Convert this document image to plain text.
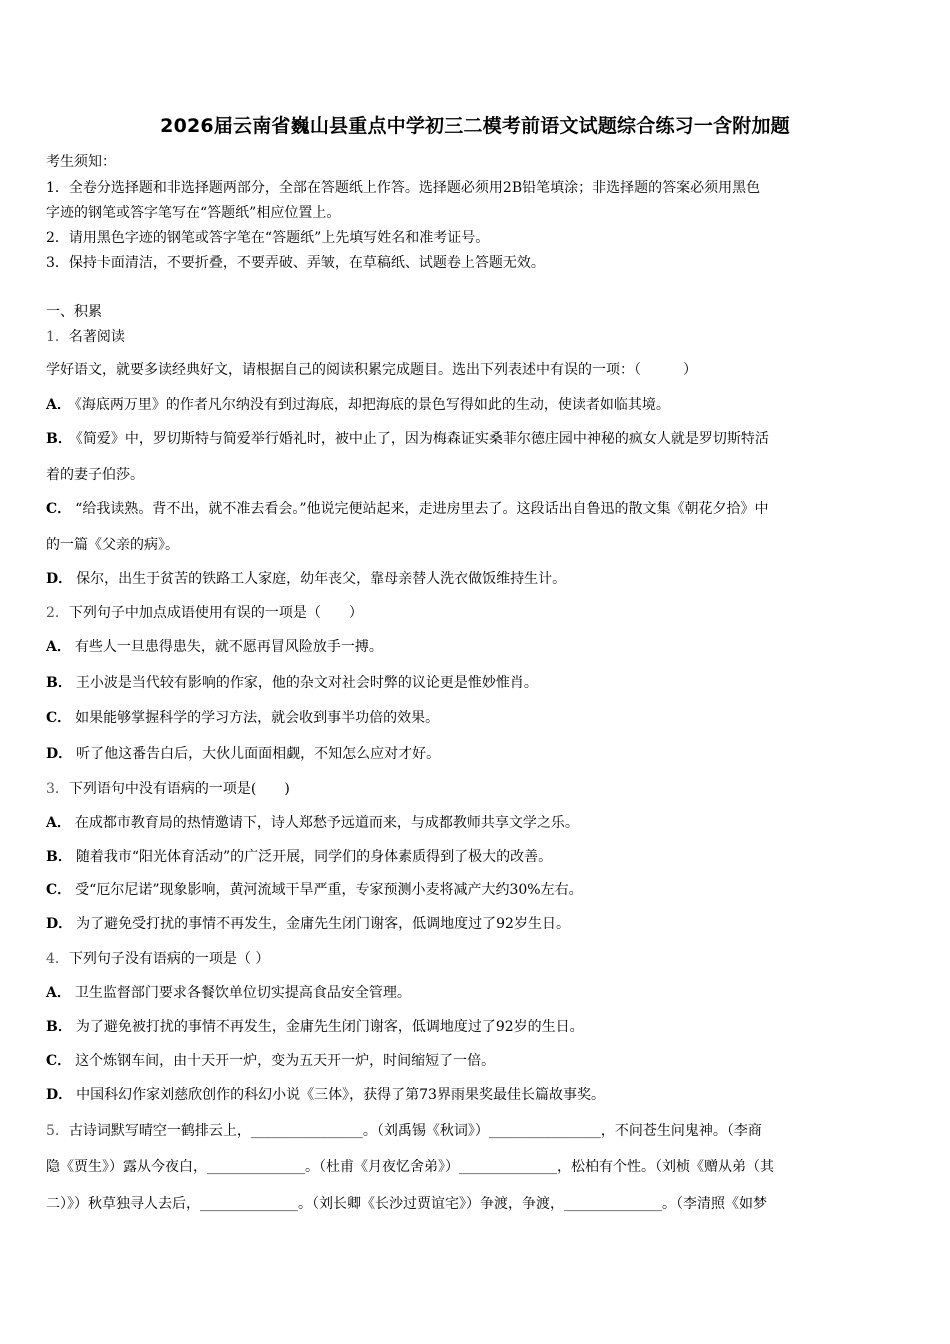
2026届云南省巍山县重点中学初三二模考前语文试题综合练习一含附加题
考生须知：
1．全卷分选择题和非选择题两部分，全部在答题纸上作答。选择题必须用2B铅笔填涂；非选择题的答案必须用黑色
字迹的钢笔或答字笔写在“答题纸”相应位置上。
2．请用黑色字迹的钢笔或答字笔在“答题纸”上先填写姓名和准考证号。
3．保持卡面清洁，不要折叠，不要弄破、弄皱，在草稿纸、试题卷上答题无效。
一、积累
1．名著阅读
学好语文，就要多读经典好文，请根据自己的阅读积累完成题目。选出下列表述中有误的一项：（　　　）
A． 《海底两万里》的作者凡尔纳没有到过海底，却把海底的景色写得如此的生动，使读者如临其境。
B． 《简爱》中，罗切斯特与简爱举行婚礼时，被中止了，因为梅森证实桑菲尔德庄园中神秘的疯女人就是罗切斯特活
着的妻子伯莎。
C． “给我读熟。背不出，就不准去看会。”他说完便站起来，走进房里去了。这段话出自鲁迅的散文集《朝花夕拾》中
的一篇《父亲的病》。
D． 保尔，出生于贫苦的铁路工人家庭，幼年丧父，靠母亲替人洗衣做饭维持生计。
2．下列句子中加点成语使用有误的一项是（　　）
A． 有些人一旦患得患失，就不愿再冒风险放手一搏。
B． 王小波是当代较有影响的作家，他的杂文对社会时弊的议论更是惟妙惟肖。
C． 如果能够掌握科学的学习方法，就会收到事半功倍的效果。
D． 听了他这番告白后，大伙儿面面相觑，不知怎么应对才好。
3．下列语句中没有语病的一项是(　　)
A． 在成都市教育局的热情邀请下，诗人郑愁予远道而来，与成都教师共享文学之乐。
B． 随着我市“阳光体育活动”的广泛开展，同学们的身体素质得到了极大的改善。
C． 受“厄尔尼诺”现象影响，黄河流域干旱严重，专家预测小麦将减产大约30%左右。
D． 为了避免受打扰的事情不再发生，金庸先生闭门谢客，低调地度过了92岁生日。
4．下列句子没有语病的一项是（ ）
A． 卫生监督部门要求各餐饮单位切实提高食品安全管理。
B． 为了避免被打扰的事情不再发生，金庸先生闭门谢客，低调地度过了92岁的生日。
C． 这个炼钢车间，由十天开一炉，变为五天开一炉，时间缩短了一倍。
D． 中国科幻作家刘慈欣创作的科幻小说《三体》，获得了第73界雨果奖最佳长篇故事奖。
5．古诗词默写晴空一鹤排云上，________________。（刘禹锡《秋词》）________________，不问苍生问鬼神。（李商
隐《贾生》）露从今夜白，______________。（杜甫《月夜忆舍弟》）______________，松柏有个性。（刘桢《赠从弟（其
二）》）秋草独寻人去后，______________。（刘长卿《长沙过贾谊宅》）争渡，争渡，______________。（李清照《如梦
